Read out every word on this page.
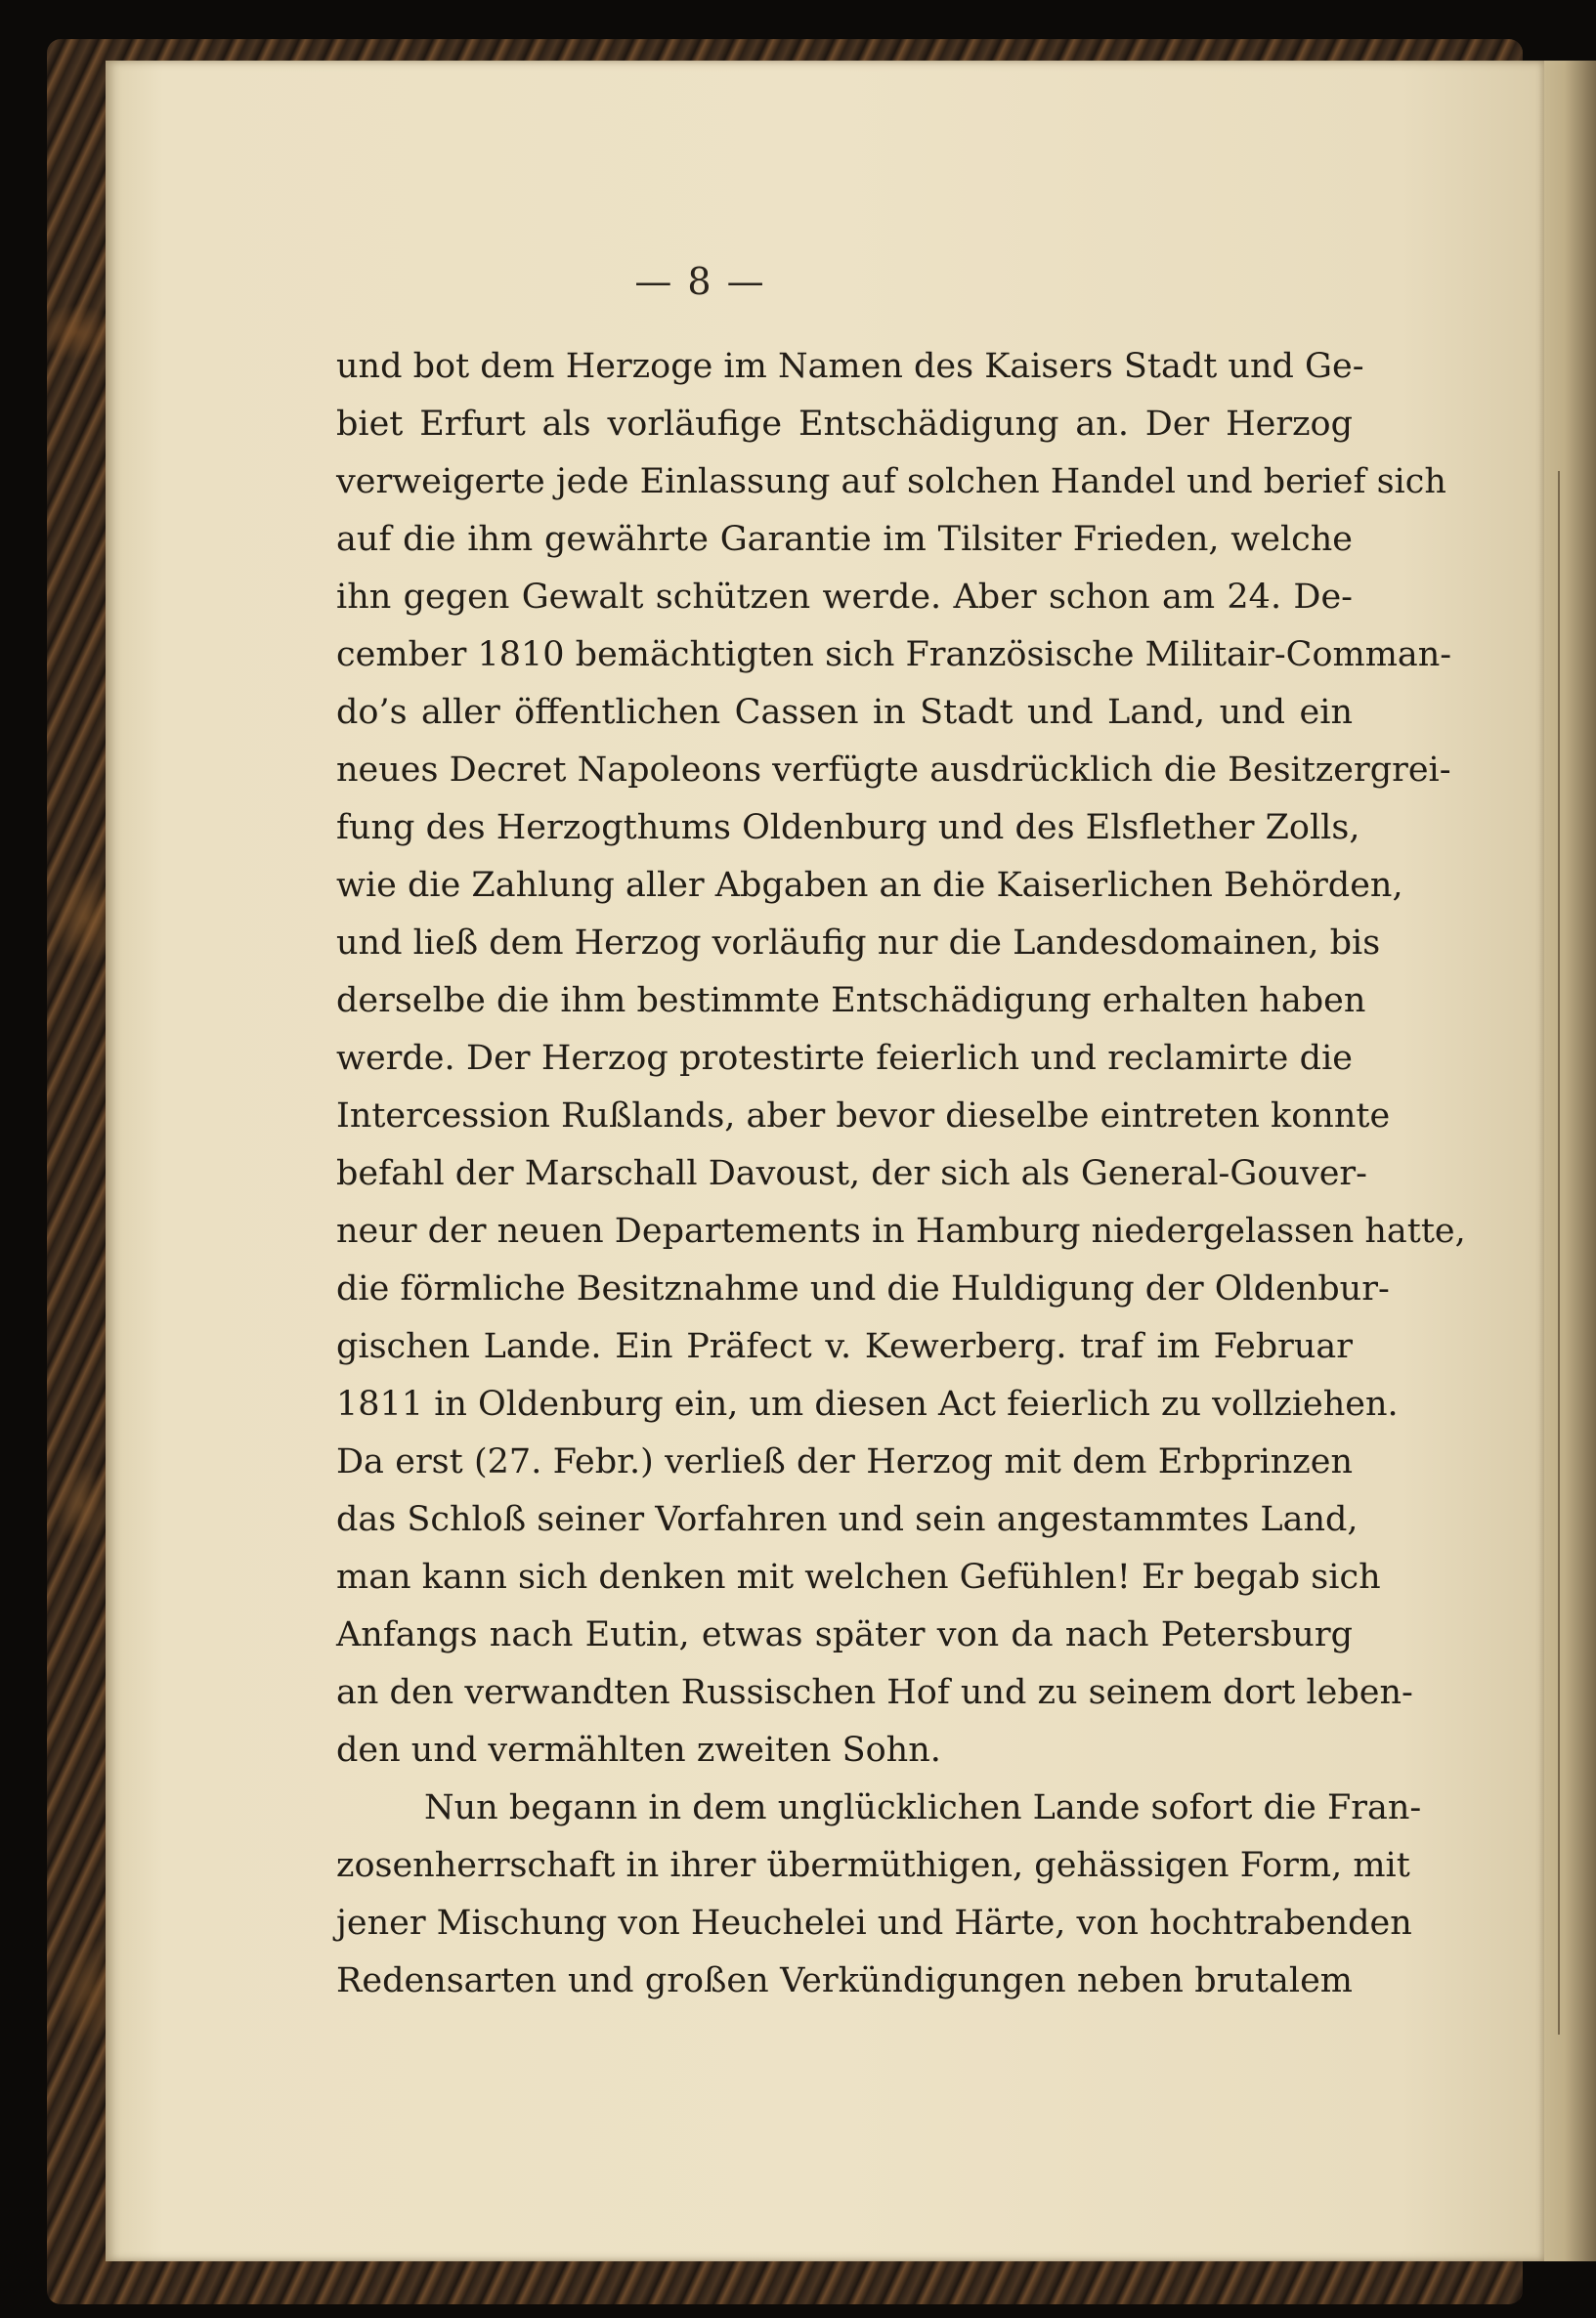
— 8 —
und bot dem Herzoge im Namen des Kaisers Stadt und Ge-
biet Erfurt als vorläufige Entschädigung an. Der Herzog
verweigerte jede Einlassung auf solchen Handel und berief sich
auf die ihm gewährte Garantie im Tilsiter Frieden, welche
ihn gegen Gewalt schützen werde. Aber schon am 24. De-
cember 1810 bemächtigten sich Französische Militair-Comman-
do’s aller öffentlichen Cassen in Stadt und Land, und ein
neues Decret Napoleons verfügte ausdrücklich die Besitzergrei-
fung des Herzogthums Oldenburg und des Elsflether Zolls,
wie die Zahlung aller Abgaben an die Kaiserlichen Behörden,
und ließ dem Herzog vorläufig nur die Landesdomainen, bis
derselbe die ihm bestimmte Entschädigung erhalten haben
werde. Der Herzog protestirte feierlich und reclamirte die
Intercession Rußlands, aber bevor dieselbe eintreten konnte
befahl der Marschall Davoust, der sich als General-Gouver-
neur der neuen Departements in Hamburg niedergelassen hatte,
die förmliche Besitznahme und die Huldigung der Oldenbur-
gischen Lande. Ein Präfect v. Kewerberg. traf im Februar
1811 in Oldenburg ein, um diesen Act feierlich zu vollziehen.
Da erst (27. Febr.) verließ der Herzog mit dem Erbprinzen
das Schloß seiner Vorfahren und sein angestammtes Land,
man kann sich denken mit welchen Gefühlen! Er begab sich
Anfangs nach Eutin, etwas später von da nach Petersburg
an den verwandten Russischen Hof und zu seinem dort leben-
den und vermählten zweiten Sohn.
Nun begann in dem unglücklichen Lande sofort die Fran-
zosenherrschaft in ihrer übermüthigen, gehässigen Form, mit
jener Mischung von Heuchelei und Härte, von hochtrabenden
Redensarten und großen Verkündigungen neben brutalem
